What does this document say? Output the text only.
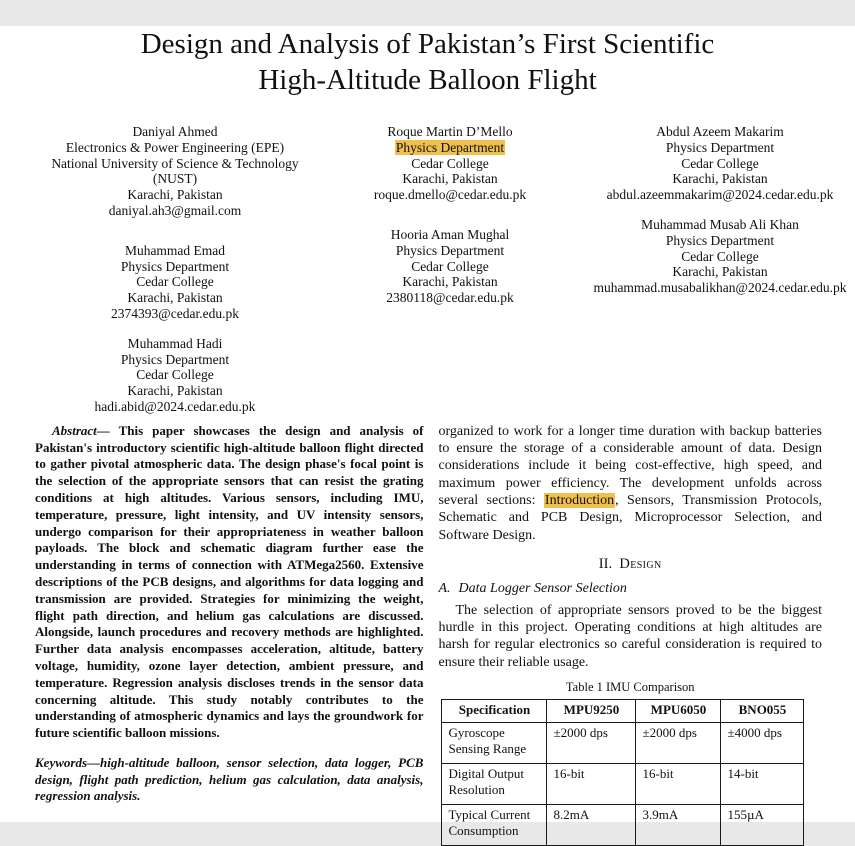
Design and Analysis of Pakistan’s First Scientific
High-Altitude Balloon Flight
Daniyal Ahmed
Electronics & Power Engineering (EPE)
National University of Science & Technology (NUST)
Karachi, Pakistan
daniyal.ah3@gmail.com
Muhammad Emad
Physics Department
Cedar College
Karachi, Pakistan
2374393@cedar.edu.pk
Muhammad Hadi
Physics Department
Cedar College
Karachi, Pakistan
hadi.abid@2024.cedar.edu.pk
Roque Martin D’Mello
Physics Department
Cedar College
Karachi, Pakistan
roque.dmello@cedar.edu.pk
Hooria Aman Mughal
Physics Department
Cedar College
Karachi, Pakistan
2380118@cedar.edu.pk
Abdul Azeem Makarim
Physics Department
Cedar College
Karachi, Pakistan
abdul.azeemmakarim@2024.cedar.edu.pk
Muhammad Musab Ali Khan
Physics Department
Cedar College
Karachi, Pakistan
muhammad.musabalikhan@2024.cedar.edu.pk

Abstract— This paper showcases the design and analysis of Pakistan's introductory scientific high-altitude balloon flight directed to gather pivotal atmospheric data. The design phase's focal point is the selection of the appropriate sensors that can resist the grating conditions at high altitudes. Various sensors, including IMU, temperature, pressure, light intensity, and UV intensity sensors, undergo comparison for their appropriateness in weather balloon payloads. The block and schematic diagram further ease the understanding in terms of connection with ATMega2560. Extensive descriptions of the PCB designs, and algorithms for data logging and transmission are provided. Strategies for minimizing the weight, flight path direction, and helium gas calculations are discussed. Alongside, launch procedures and recovery methods are highlighted. Further data analysis encompasses acceleration, altitude, battery voltage, humidity, ozone layer detection, ambient pressure, and temperature. Regression analysis discloses trends in the sensor data concerning altitude. This study notably contributes to the understanding of atmospheric dynamics and lays the groundwork for future scientific balloon missions.

Keywords—high-altitude balloon, sensor selection, data logger, PCB design, flight path prediction, helium gas calculation, data analysis, regression analysis.

organized to work for a longer time duration with backup batteries to ensure the storage of a considerable amount of data. Design considerations include it being cost-effective, high speed, and maximum power efficiency. The development unfolds across several sections: Introduction, Sensors, Transmission Protocols, Schematic and PCB Design, Microprocessor Selection, and Software Design.

II. Design
A. Data Logger Sensor Selection

The selection of appropriate sensors proved to be the biggest hurdle in this project. Operating conditions at high altitudes are harsh for regular electronics so careful consideration is required to ensure their reliable usage.

Table 1 IMU Comparison
Specification	MPU9250	MPU6050	BNO055
Gyroscope Sensing Range	±2000 dps	±2000 dps	±4000 dps
Digital Output Resolution	16-bit	16-bit	14-bit
Typical Current Consumption	8.2mA	3.9mA	155µA
